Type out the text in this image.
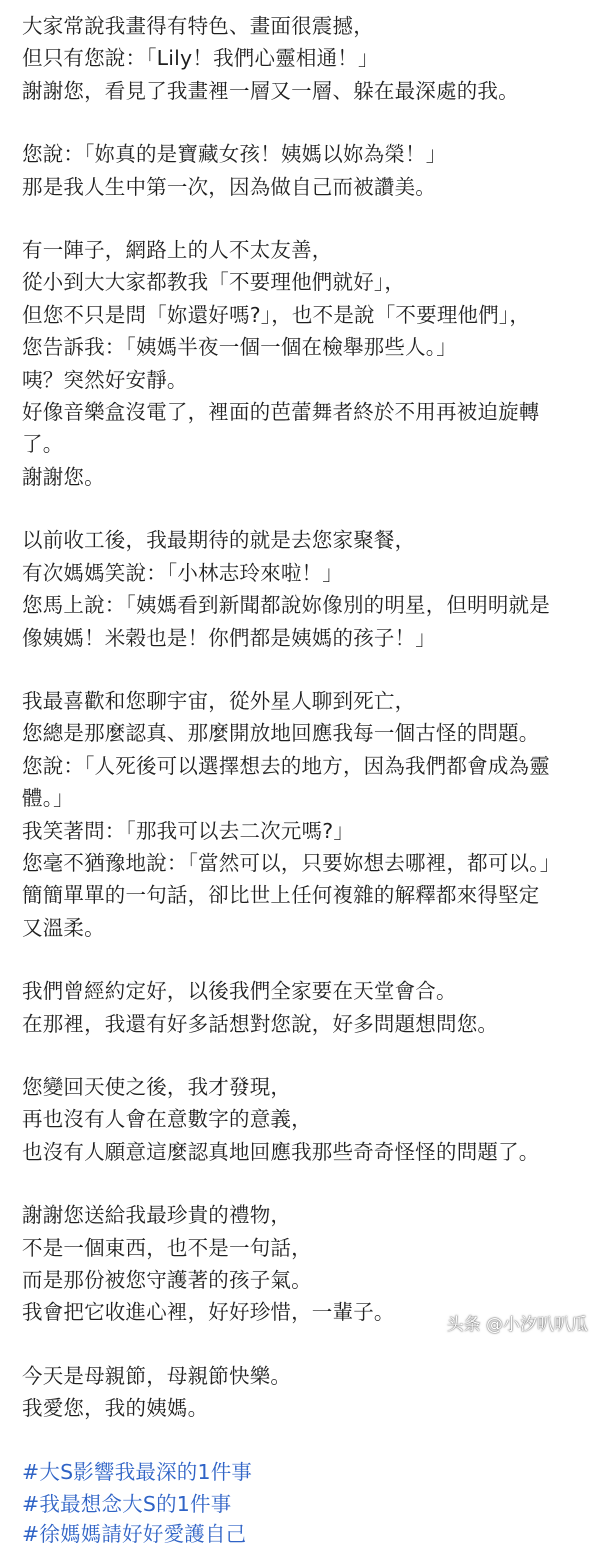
大家常說我畫得有特色、畫面很震撼，
但只有您說：「Lily！我們心靈相通！」
謝謝您，看見了我畫裡一層又一層、躲在最深處的我。
您說：「妳真的是寶藏女孩！姨媽以妳為榮！」
那是我人生中第一次，因為做自己而被讚美。
有一陣子，網路上的人不太友善，
從小到大大家都教我「不要理他們就好」，
但您不只是問「妳還好嗎?」，也不是說「不要理他們」，
您告訴我：「姨媽半夜一個一個在檢舉那些人。」
咦？突然好安靜。
好像音樂盒沒電了，裡面的芭蕾舞者終於不用再被迫旋轉
了。
謝謝您。
以前收工後，我最期待的就是去您家聚餐，
有次媽媽笑說：「小林志玲來啦！」
您馬上說：「姨媽看到新聞都說妳像別的明星，但明明就是
像姨媽！米榖也是！你們都是姨媽的孩子！」
我最喜歡和您聊宇宙，從外星人聊到死亡，
您總是那麼認真、那麼開放地回應我每一個古怪的問題。
您說：「人死後可以選擇想去的地方，因為我們都會成為靈
體。」
我笑著問：「那我可以去二次元嗎?」
您毫不猶豫地說：「當然可以，只要妳想去哪裡，都可以。」
簡簡單單的一句話，卻比世上任何複雜的解釋都來得堅定
又溫柔。
我們曾經約定好，以後我們全家要在天堂會合。
在那裡，我還有好多話想對您說，好多問題想問您。
您變回天使之後，我才發現，
再也沒有人會在意數字的意義，
也沒有人願意這麼認真地回應我那些奇奇怪怪的問題了。
謝謝您送給我最珍貴的禮物，
不是一個東西，也不是一句話，
而是那份被您守護著的孩子氣。
我會把它收進心裡，好好珍惜，一輩子。
今天是母親節，母親節快樂。
我愛您，我的姨媽。
#大S影響我最深的1件事
#我最想念大S的1件事
#徐媽媽請好好愛護自己
头条 @小汐叭叭瓜
